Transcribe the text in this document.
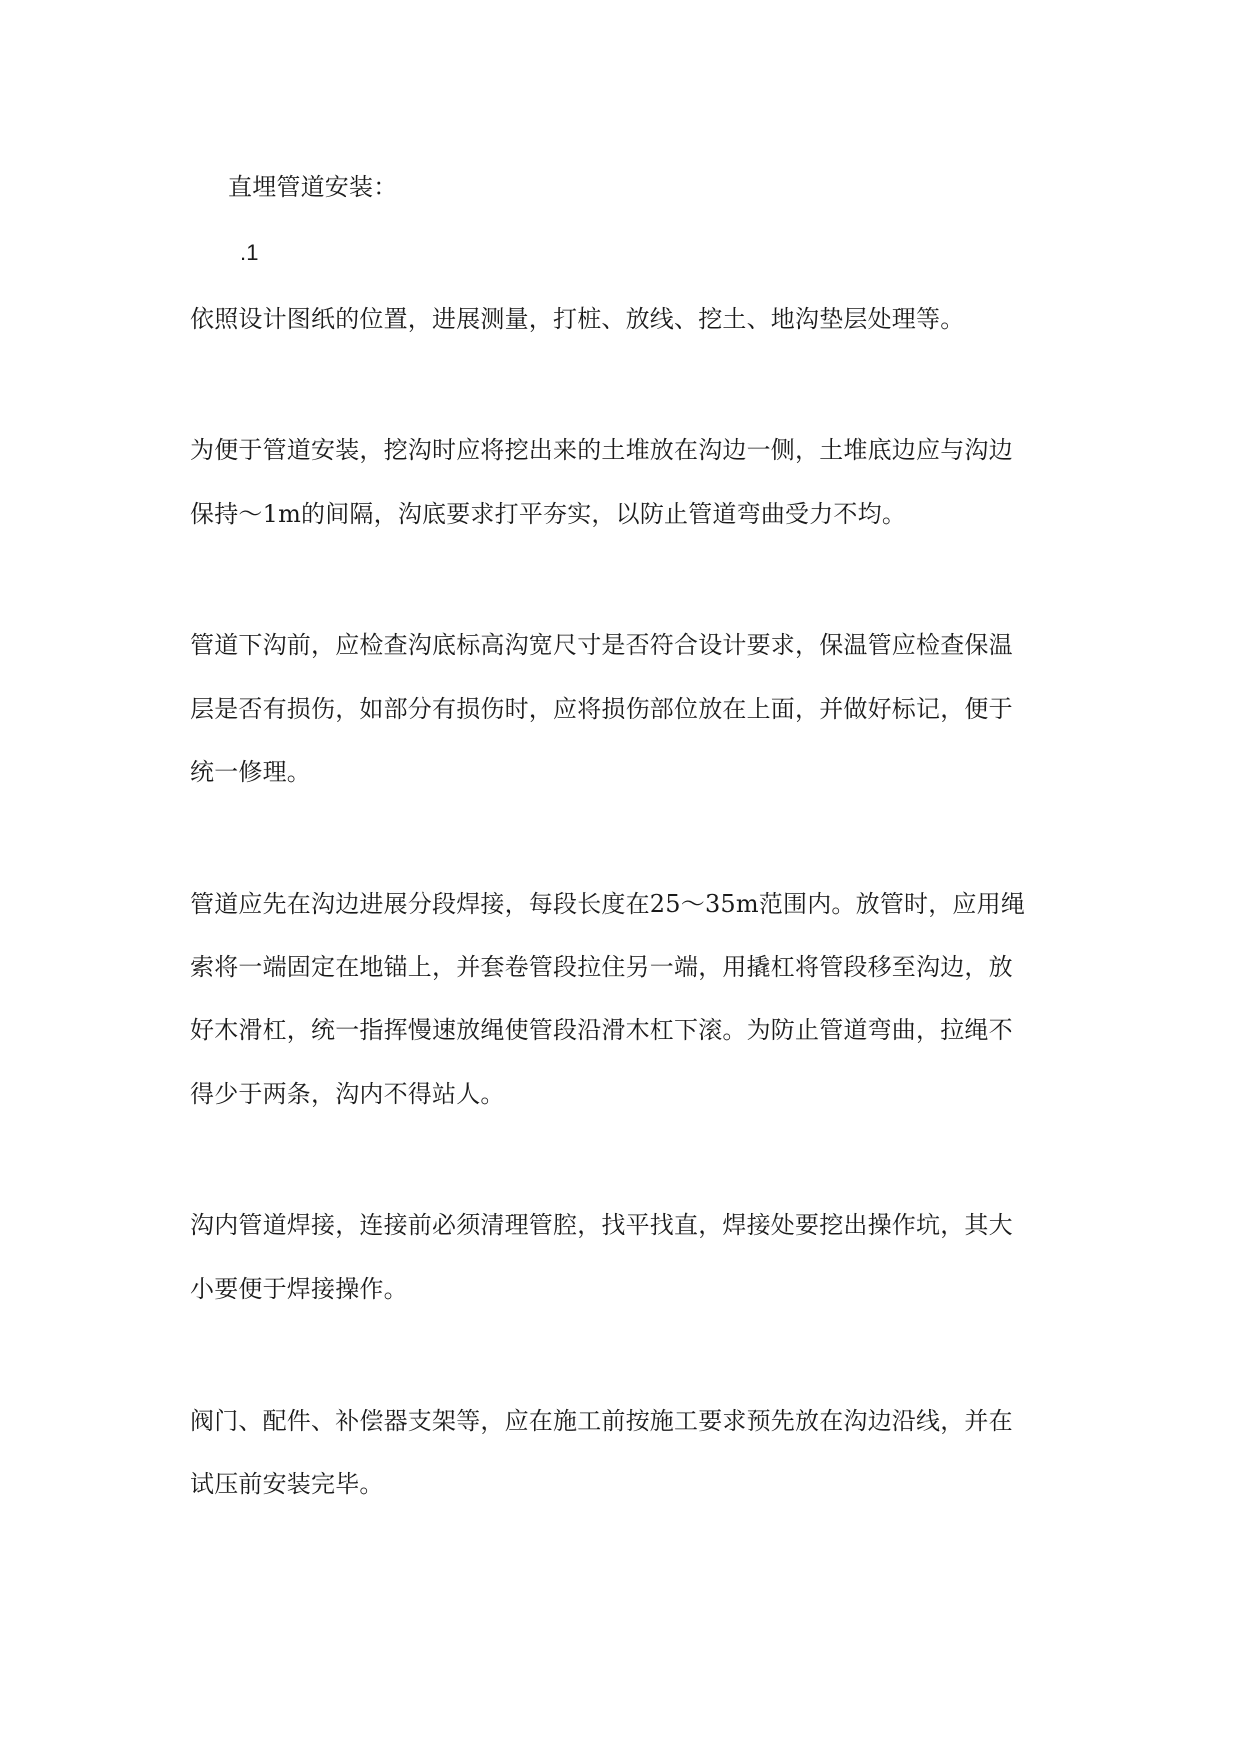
直埋管道安装：
.1
依照设计图纸的位置，进展测量，打桩、放线、挖土、地沟垫层处理等。
为便于管道安装，挖沟时应将挖出来的土堆放在沟边一侧，土堆底边应与沟边
保持～1m的间隔，沟底要求打平夯实，以防止管道弯曲受力不均。
管道下沟前，应检查沟底标高沟宽尺寸是否符合设计要求，保温管应检查保温
层是否有损伤，如部分有损伤时，应将损伤部位放在上面，并做好标记，便于
统一修理。
管道应先在沟边进展分段焊接，每段长度在25～35m范围内。放管时，应用绳
索将一端固定在地锚上，并套卷管段拉住另一端，用撬杠将管段移至沟边，放
好木滑杠，统一指挥慢速放绳使管段沿滑木杠下滚。为防止管道弯曲，拉绳不
得少于两条，沟内不得站人。
沟内管道焊接，连接前必须清理管腔，找平找直，焊接处要挖出操作坑，其大
小要便于焊接操作。
阀门、配件、补偿器支架等，应在施工前按施工要求预先放在沟边沿线，并在
试压前安装完毕。
